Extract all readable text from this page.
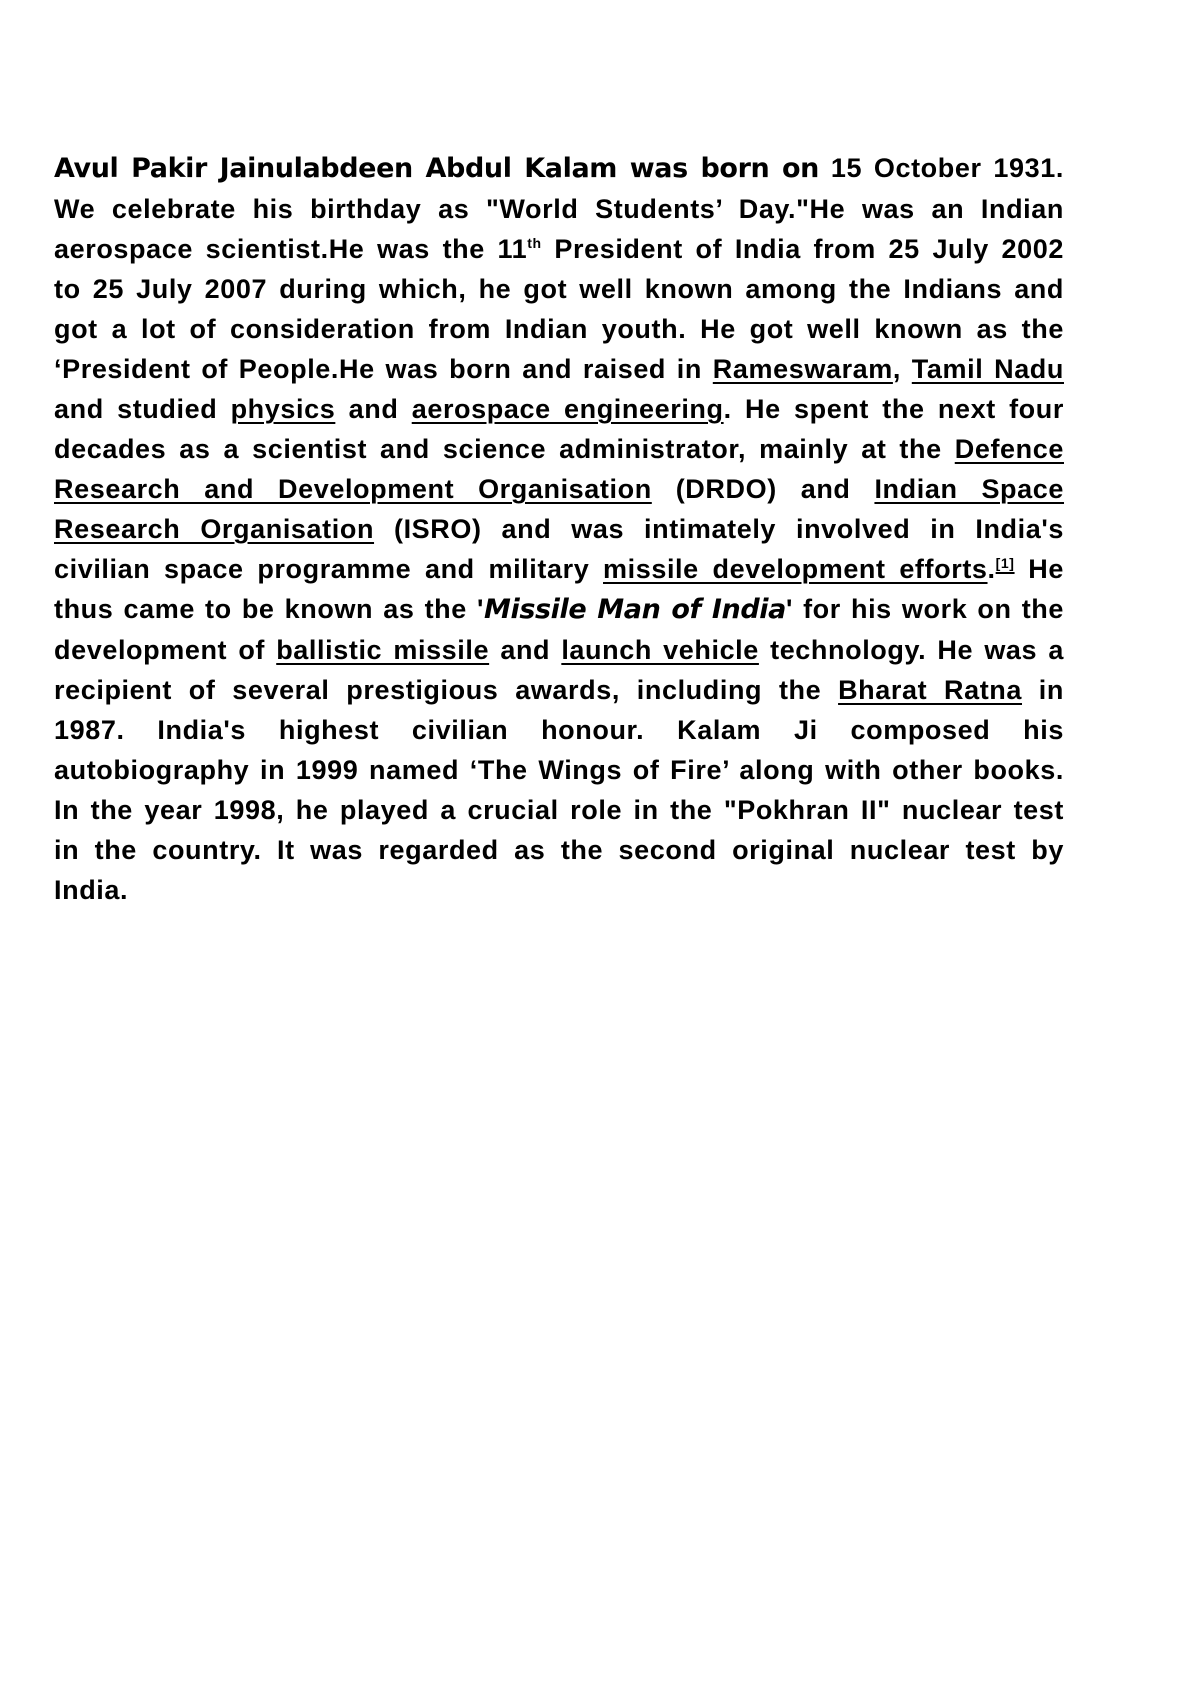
Avul Pakir Jainulabdeen Abdul Kalam was born on 15 October 1931. We celebrate his birthday as "World Students’ Day."He was an Indian aerospace scientist.He was the 11th President of India from 25 July 2002 to 25 July 2007 during which, he got well known among the Indians and got a lot of consideration from Indian youth. He got well known as the ‘President of People.He was born and raised in Rameswaram, Tamil Nadu and studied physics and aerospace engineering. He spent the next four decades as a scientist and science administrator, mainly at the Defence Research and Development Organisation (DRDO) and Indian Space Research Organisation (ISRO) and was intimately involved in India's civilian space programme and military missile development efforts.[1] He thus came to be known as the 'Missile Man of India' for his work on the development of ballistic missile and launch vehicle technology. He was a recipient of several prestigious awards, including the Bharat Ratna in 1987. India's highest civilian honour. Kalam Ji composed his autobiography in 1999 named ‘The Wings of Fire’ along with other books. In the year 1998, he played a crucial role in the "Pokhran II" nuclear test in the country. It was regarded as the second original nuclear test by India.
